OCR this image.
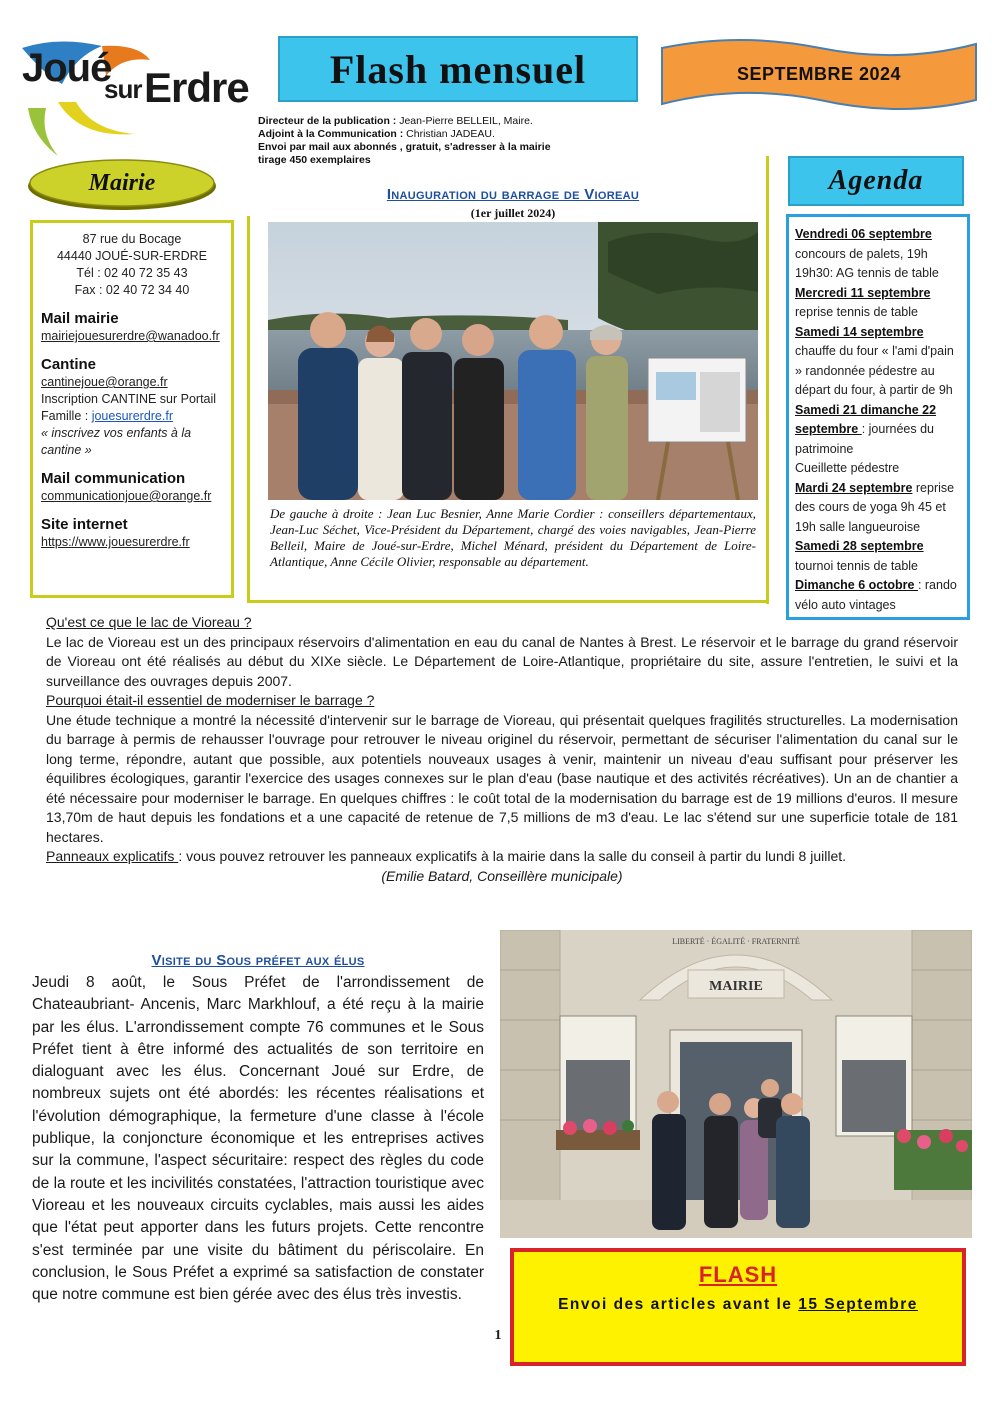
Joué
sur Erdre Flash mensuel	SEPTEMBRE 2024
Directeur de la publication : Jean-Pierre BELLEIL, Maire.
Adjoint à la Communication : Christian JADEAU.
Envoi par mail aux abonnés , gratuit, s'adresser à la mairie
tirage 450 exemplaires
Mairie
87 rue du Bocage
44440 JOUÉ-SUR-ERDRE
Tél : 02 40 72 35 43
Fax : 02 40 72 34 40
Mail mairie
mairiejouesurerdre@wanadoo.fr
Cantine
cantinejoue@orange.fr
Inscription CANTINE sur Portail
Famille : jouesurerdre.fr
« inscrivez vos enfants à la cantine »
Mail communication
communicationjoue@orange.fr
Site internet
https://www.jouesurerdre.fr
Inauguration du barrage de Vioreau
(1er juillet 2024)
De gauche à droite : Jean Luc Besnier, Anne Marie Cordier : conseillers départementaux, Jean-Luc Séchet, Vice-Président du Département, chargé des voies navigables, Jean-Pierre Belleil, Maire de Joué-sur-Erdre, Michel Ménard, président du Département de Loire-Atlantique, Anne Cécile Olivier, responsable au département.
Agenda
Vendredi 06 septembre
concours de palets, 19h
19h30: AG tennis de table
Mercredi 11 septembre
reprise tennis de table
Samedi 14 septembre
chauffe du four « l'ami d'pain » randonnée pédestre au départ du four, à partir de 9h
Samedi 21 dimanche 22 septembre : journées du patrimoine
Cueillette pédestre
Mardi 24 septembre reprise des cours de yoga 9h 45 et 19h salle langueuroise
Samedi 28 septembre tournoi tennis de table
Dimanche 6 octobre : rando vélo auto vintages
Qu'est ce que le lac de Vioreau ?
Le lac de Vioreau est un des principaux réservoirs d'alimentation en eau du canal de Nantes à Brest. Le réservoir et le barrage du grand réservoir de Vioreau ont été réalisés au début du XIXe siècle. Le Département de Loire-Atlantique, propriétaire du site, assure l'entretien, le suivi et la surveillance des ouvrages depuis 2007.
Pourquoi était-il essentiel de moderniser le barrage ?
Une étude technique a montré la nécessité d'intervenir sur le barrage de Vioreau, qui présentait quelques fragilités structurelles. La modernisation du barrage à permis de rehausser l'ouvrage pour retrouver le niveau originel du réservoir, permettant de sécuriser l'alimentation du canal sur le long terme, répondre, autant que possible, aux potentiels nouveaux usages à venir, maintenir un niveau d'eau suffisant pour préserver les équilibres écologiques, garantir l'exercice des usages connexes sur le plan d'eau (base nautique et des activités récréatives). Un an de chantier a été nécessaire pour moderniser le barrage. En quelques chiffres : le coût total de la modernisation du barrage est de 19 millions d'euros. Il mesure 13,70m de haut depuis les fondations et a une capacité de retenue de 7,5 millions de m3 d'eau. Le lac s'étend sur une superficie totale de 181 hectares.
Panneaux explicatifs : vous pouvez retrouver les panneaux explicatifs à la mairie dans la salle du conseil à partir du lundi 8 juillet.
(Emilie Batard, Conseillère municipale)
Visite du Sous préfet aux élus
Jeudi 8 août, le Sous Préfet de l'arrondissement de Chateaubriant- Ancenis, Marc Markhlouf, a été reçu à la mairie par les élus. L'arrondissement compte 76 communes et le Sous Préfet tient à être informé des actualités de son territoire en dialoguant avec les élus. Concernant Joué sur Erdre, de nombreux sujets ont été abordés: les récentes réalisations et l'évolution démographique, la fermeture d'une classe à l'école publique, la conjoncture économique et les entreprises actives sur la commune, l'aspect sécuritaire: respect des règles du code de la route et les incivilités constatées, l'attraction touristique avec Vioreau et les nouveaux circuits cyclables, mais aussi les aides que l'état peut apporter dans les futurs projets. Cette rencontre s'est terminée par une visite du bâtiment du périscolaire. En conclusion, le Sous Préfet a exprimé sa satisfaction de constater que notre commune est bien gérée avec des élus très investis.
MAIRIE
LIBERTÉ · ÉGALITÉ · FRATERNITÉ
FLASH
Envoi des articles avant le 15 Septembre
1
